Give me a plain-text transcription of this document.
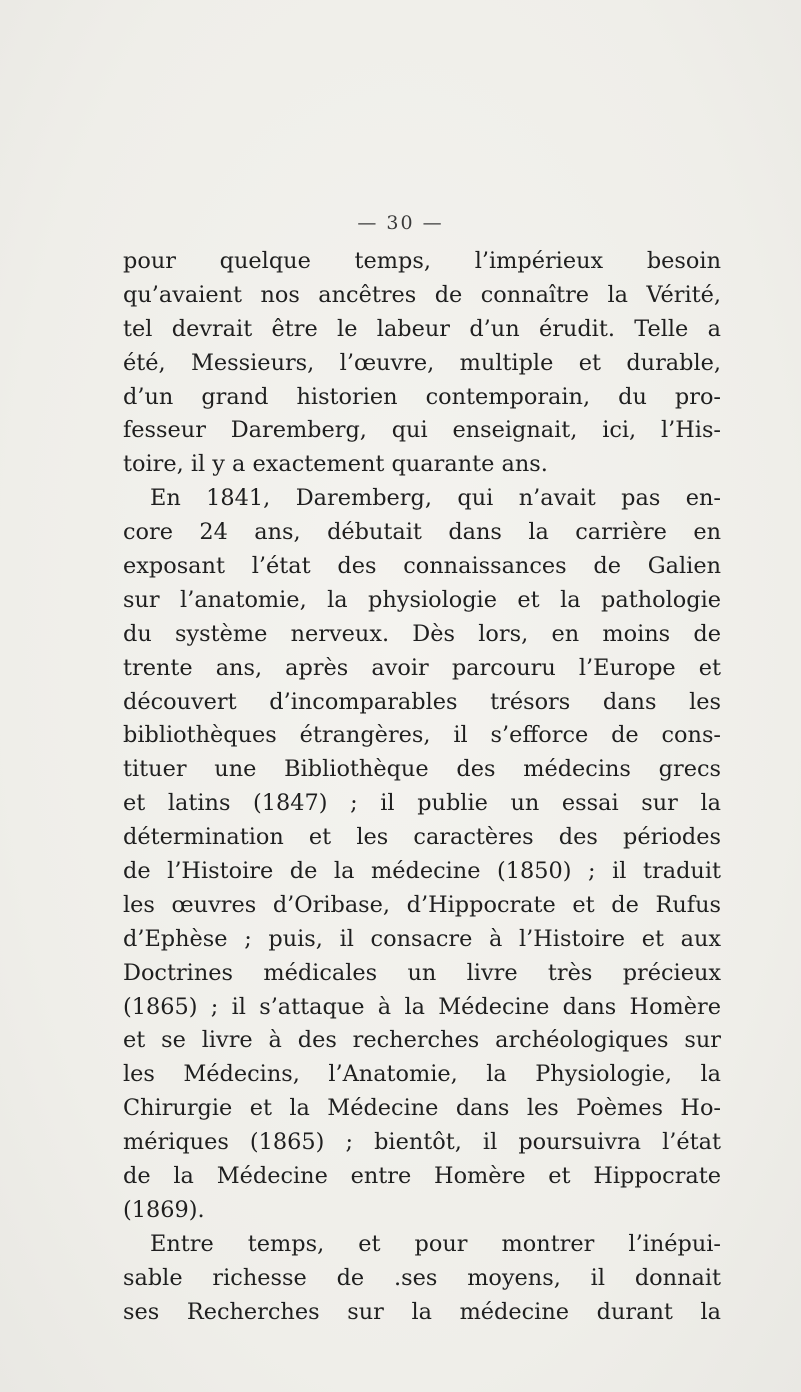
— 30 —
pour quelque temps, l’impérieux besoin
qu’avaient nos ancêtres de connaître la Vérité,
tel devrait être le labeur d’un érudit. Telle a
été, Messieurs, l’œuvre, multiple et durable,
d’un grand historien contemporain, du pro-
fesseur Daremberg, qui enseignait, ici, l’His-
toire, il y a exactement quarante ans.
En 1841, Daremberg, qui n’avait pas en-
core 24 ans, débutait dans la carrière en
exposant l’état des connaissances de Galien
sur l’anatomie, la physiologie et la pathologie
du système nerveux. Dès lors, en moins de
trente ans, après avoir parcouru l’Europe et
découvert d’incomparables trésors dans les
bibliothèques étrangères, il s’efforce de cons-
tituer une Bibliothèque des médecins grecs
et latins (1847) ; il publie un essai sur la
détermination et les caractères des périodes
de l’Histoire de la médecine (1850) ; il traduit
les œuvres d’Oribase, d’Hippocrate et de Rufus
d’Ephèse ; puis, il consacre à l’Histoire et aux
Doctrines médicales un livre très précieux
(1865) ; il s’attaque à la Médecine dans Homère
et se livre à des recherches archéologiques sur
les Médecins, l’Anatomie, la Physiologie, la
Chirurgie et la Médecine dans les Poèmes Ho-
mériques (1865) ; bientôt, il poursuivra l’état
de la Médecine entre Homère et Hippocrate
(1869).
Entre temps, et pour montrer l’inépui-
sable richesse de .ses moyens, il donnait
ses Recherches sur la médecine durant la
